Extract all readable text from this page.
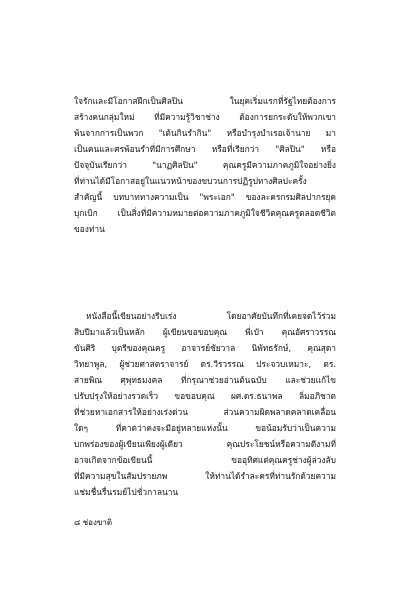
ใจรักและมีโอกาสฝึกเป็นศิลปิน ในยุคเริ่มแรกที่รัฐไทยต้องการ
สร้างคนกลุ่มใหม่ ที่มีความรู้วิชาช่าง ต้องการยกระดับให้พวกเขา
พ้นจากการเป็นพวก "เต้นกินรำกิน" หรือบำรุงบำเรอเจ้านาย มา
เป็นคนและศรพ้อนรำที่มีการศึกษา หรือที่เรียกว่า "ศิลปิน" หรือ
ปัจจุบันเรียกว่า "นาฏศิลปิน" คุณครูมีความภาคภูมิใจอย่างยิ่ง
ที่ท่านได้มีโอกาสอยู่ในแนวหน้าของขบวนการปฏิรูปทางศิลปะครั้ง
สำคัญนี้ บทบาททางความเป็น "พระเอก" ของละครกรมศิลปากรยุค
บุกเบิก เป็นสิ่งที่มีความหมายต่อความภาคภูมิใจชีวิตคุณครูตลอดชีวิต
ของท่าน
หนังสือนี้เขียนอย่างรีบเร่ง โดยอาศัยบันทึกที่เคยจดไว้ร่วม
สิบปีมาแล้วเป็นหลัก ผู้เขียนขอขอบคุณ พี่เป๋า คุณอัศราวรรณ
ขันศิริ บุตรีของคุณครู อาจารย์ชัยวาล นิพัทธรักษ์, คุณสุดา
วิทยาพูล, ผู้ช่วยศาสตราจารย์ ดร.วีรวรรณ ประจวบเหมาะ, ดร.
สายพิณ ศุพุทธมงคล ที่กรุณาช่วยอ่านต้นฉบับ และช่วยแก้ไข
ปรับปรุงให้อย่างรวดเร็ว ขอขอบคุณ ผศ.ดร.ธนาพล ลิ่มอภิชาต
ที่ช่วยหาเอกสารให้อย่างเร่งด่วน ส่วนความผิดพลาดคลาดเคลื่อน
ใดๆ ที่คาดว่าคงจะมีอยู่หลายแห่งนั้น ขอน้อมรับว่าเป็นความ
บกพร่องของผู้เขียนเพียงผู้เดียว คุณประโยชน์หรือความดีงามที่
อาจเกิดจากข้อเขียนนี้ ขออุทิศแด่คุณครูช่างผู้ล่วงลับ
ที่มีความสุขในสัมปรายภพ ให้ท่านได้รำละครที่ท่านรักด้วยความ
แช่มชื่นรื่นรมย์ไปชั่วกาลนาน
๘ ช่องขาติ
